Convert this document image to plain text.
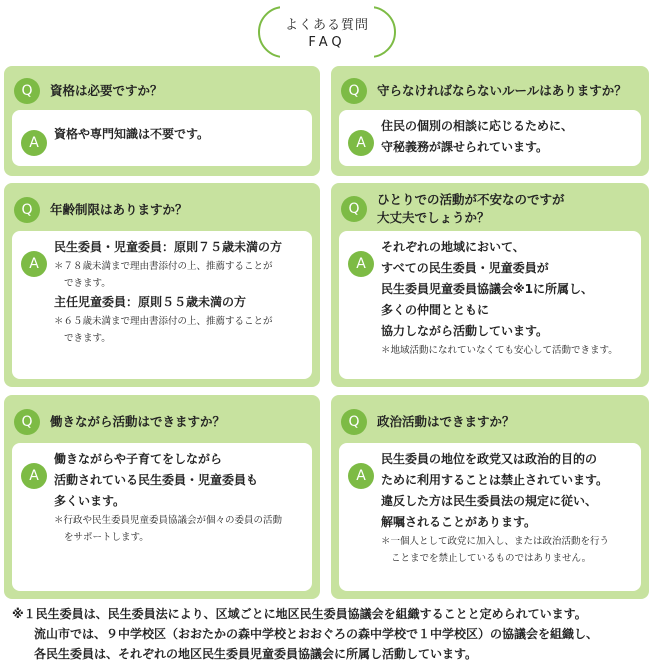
よくある質問
FAQ
Q	資格は必要ですか？
A
資格や専門知識は不要です。
Q	守らなければならないルールはありますか？
A
住民の個別の相談に応じるために、
守秘義務が課せられています。
Q	年齢制限はありますか？
A
民生委員・児童委員：原則７５歳未満の方
＊７８歳未満まで理由書添付の上、推薦することが
できます。
主任児童委員：原則５５歳未満の方
＊６５歳未満まで理由書添付の上、推薦することが
できます。
Q
ひとりでの活動が不安なのですが
大丈夫でしょうか？
A
それぞれの地域において、
すべての民生委員・児童委員が
民生委員児童委員協議会※1に所属し、
多くの仲間とともに
協力しながら活動しています。
＊地域活動になれていなくても安心して活動できます。
Q	働きながら活動はできますか？
A
働きながらや子育てをしながら
活動されている民生委員・児童委員も
多くいます。
＊行政や民生委員児童委員協議会が個々の委員の活動
をサポートします。
Q	政治活動はできますか？
A
民生委員の地位を政党又は政治的目的の
ために利用することは禁止されています。
違反した方は民生委員法の規定に従い、
解嘱されることがあります。
＊一個人として政党に加入し、または政治活動を行う
ことまでを禁止しているものではありません。
※１民生委員は、民生委員法により、区域ごとに地区民生委員協議会を組織することと定められています。
流山市では、９中学校区（おおたかの森中学校とおおぐろの森中学校で１中学校区）の協議会を組織し、
各民生委員は、それぞれの地区民生委員児童委員協議会に所属し活動しています。
